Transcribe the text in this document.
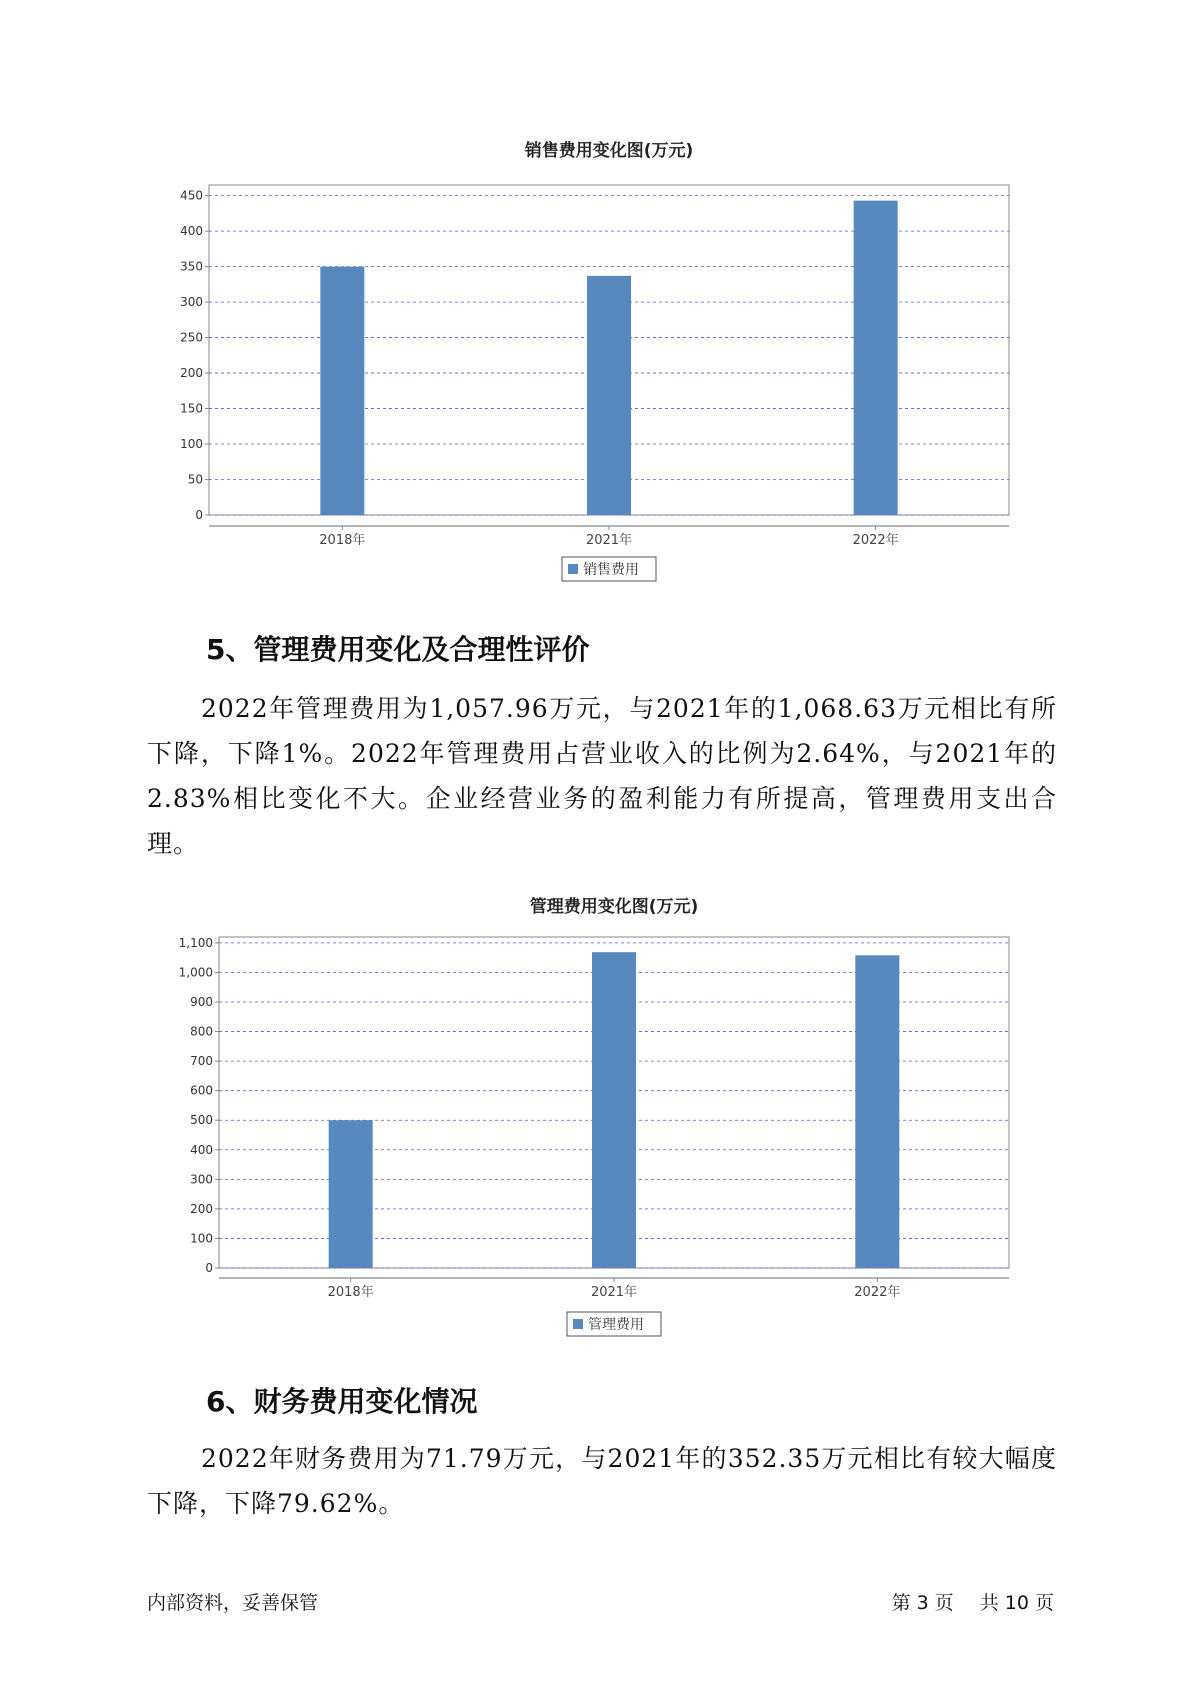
销售费用变化图(万元)
0
50
100
150
200
250
300
350
400
450
2018年	2021年	2022年
销售费用
5、管理费用变化及合理性评价

2022年管理费用为1,057.96万元，与2021年的1,068.63万元相比有所下降，下降1%。2022年管理费用占营业收入的比例为2.64%，与2021年的2.83%相比变化不大。企业经营业务的盈利能力有所提高，管理费用支出合理。

管理费用变化图(万元)
0
100
200
300
400
500
600
700
800
900
1,000
1,100
2018年	2021年	2022年
管理费用
6、财务费用变化情况

2022年财务费用为71.79万元，与2021年的352.35万元相比有较大幅度下降，下降79.62%。

内部资料，妥善保管	第 3 页 共 10 页
